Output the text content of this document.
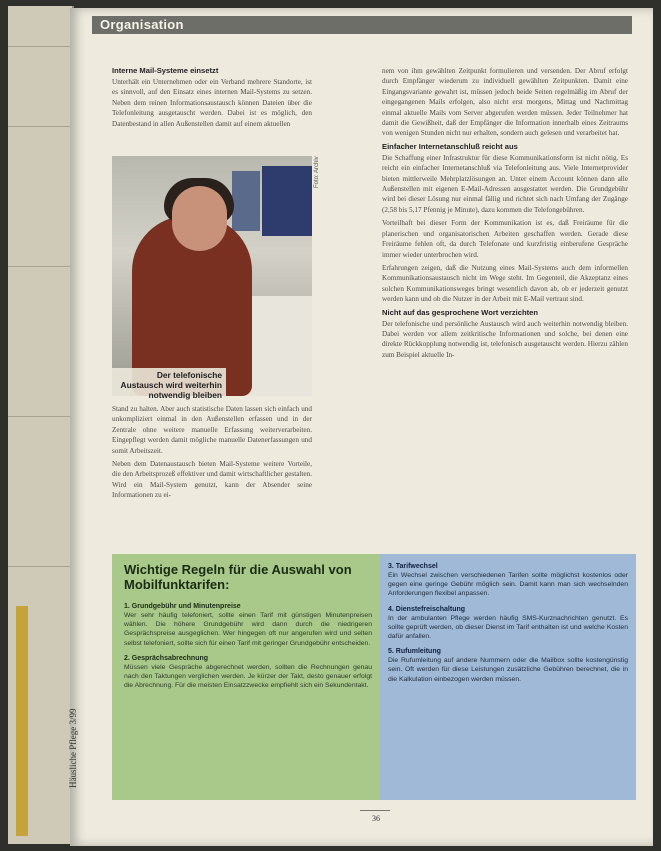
Organisation
Häusliche Pflege 3/99
Interne Mail-Systeme einsetzt

Unterhält ein Unternehmen oder ein Verband mehrere Standorte, ist es sinnvoll, auf den Einsatz eines internen Mail-Systems zu setzen. Neben dem reinen Informationsaustausch können Dateien über die Telefonleitung ausgetauscht werden. Dabei ist es möglich, den Datenbestand in allen Außenstellen damit auf einem aktuellen

Foto: Archiv
Der telefonische Austausch wird weiterhin notwendig bleiben

Stand zu halten. Aber auch statistische Daten lassen sich einfach und unkompliziert einmal in den Außenstellen erfassen und in der Zentrale ohne weitere manuelle Erfassung weiterverarbeiten. Eingepflegt werden damit mögliche manuelle Datenerfassungen und somit Arbeitszeit.

Neben dem Datenaustausch bieten Mail-Systeme weitere Vorteile, die den Arbeitsprozeß effektiver und damit wirtschaftlicher gestalten. Wird ein Mail-System genutzt, kann der Absender seine Informationen zu ei-

nem von ihm gewählten Zeitpunkt formulieren und versenden. Der Abruf erfolgt durch Empfänger wiederum zu individuell gewählten Zeitpunkten. Damit eine Eingangsvariante gewahrt ist, müssen jedoch beide Seiten regelmäßig im Abruf der eingegangenen Mails erfolgen, also nicht erst morgens, Mittag und Nachmittag einmal aktuelle Mails vom Server abgerufen werden müssen. Jeder Teilnehmer hat damit die Gewißheit, daß der Empfänger die Information innerhalb eines Zeitraums von wenigen Stunden nicht nur erhalten, sondern auch gelesen und verarbeitet hat.

Einfacher Internetanschluß reicht aus

Die Schaffung einer Infrastruktur für diese Kommunikationsform ist nicht nötig. Es reicht ein einfacher Internetanschluß via Telefonleitung aus. Viele Internetprovider bieten mittlerweile Mehrplatzlösungen an. Unter einem Account können dann alle Außenstellen mit eigenen E-Mail-Adressen ausgestattet werden. Die Grundgebühr wird bei dieser Lösung nur einmal fällig und richtet sich nach Umfang der Zugänge (2,58 bis 5,17 Pfennig je Minute), dazu kommen die Telefongebühren.

Vorteilhaft bei dieser Form der Kommunikation ist es, daß Freiräume für die planerischen und organisatorischen Arbeiten geschaffen werden. Gerade diese Freiräume fehlen oft, da durch Telefonate und kurzfristig einberufene Gespräche immer wieder unterbrochen wird.

Erfahrungen zeigen, daß die Nutzung eines Mail-Systems auch dem informellen Kommunikationsaustausch nicht im Wege steht. Im Gegenteil, die Akzeptanz eines solchen Kommunikationsweges bringt wesentlich davon ab, ob er jederzeit genutzt werden kann und ob die Nutzer in der Arbeit mit E-Mail vertraut sind.

Nicht auf das gesprochene Wort verzichten

Der telefonische und persönliche Austausch wird auch weiterhin notwendig bleiben. Dabei werden vor allem zeitkritische Informationen und solche, bei denen eine direkte Rückkopplung notwendig ist, telefonisch ausgetauscht werden. Hierzu zählen zum Beispiel aktuelle In-

Wichtige Regeln für die Auswahl von Mobilfunktarifen:
1. Grundgebühr und Minutenpreise

Wer sehr häufig telefoniert, sollte einen Tarif mit günstigen Minutenpreisen wählen. Die höhere Grundgebühr wird dann durch die niedrigeren Gesprächspreise ausgeglichen. Wer hingegen oft nur angerufen wird und selten selbst telefoniert, sollte sich für einen Tarif mit geringer Grundgebühr entscheiden.

2. Gesprächsabrechnung

Müssen viele Gespräche abgerechnet werden, sollten die Rechnungen genau nach den Taktungen verglichen werden. Je kürzer der Takt, desto genauer erfolgt die Abrechnung. Für die meisten Einsatzzwecke empfiehlt sich ein Sekundentakt.

3. Tarifwechsel

Ein Wechsel zwischen verschiedenen Tarifen sollte möglichst kostenlos oder gegen eine geringe Gebühr möglich sein. Damit kann man sich wechselnden Anforderungen flexibel anpassen.

4. Dienstefreischaltung

In der ambulanten Pflege werden häufig SMS-Kurznachrichten genutzt. Es sollte geprüft werden, ob dieser Dienst im Tarif enthalten ist und welche Kosten dafür anfallen.

5. Rufumleitung

Die Rufumleitung auf andere Nummern oder die Mailbox sollte kostengünstig sein. Oft werden für diese Leistungen zusätzliche Gebühren berechnet, die in die Kalkulation einbezogen werden müssen.

36
